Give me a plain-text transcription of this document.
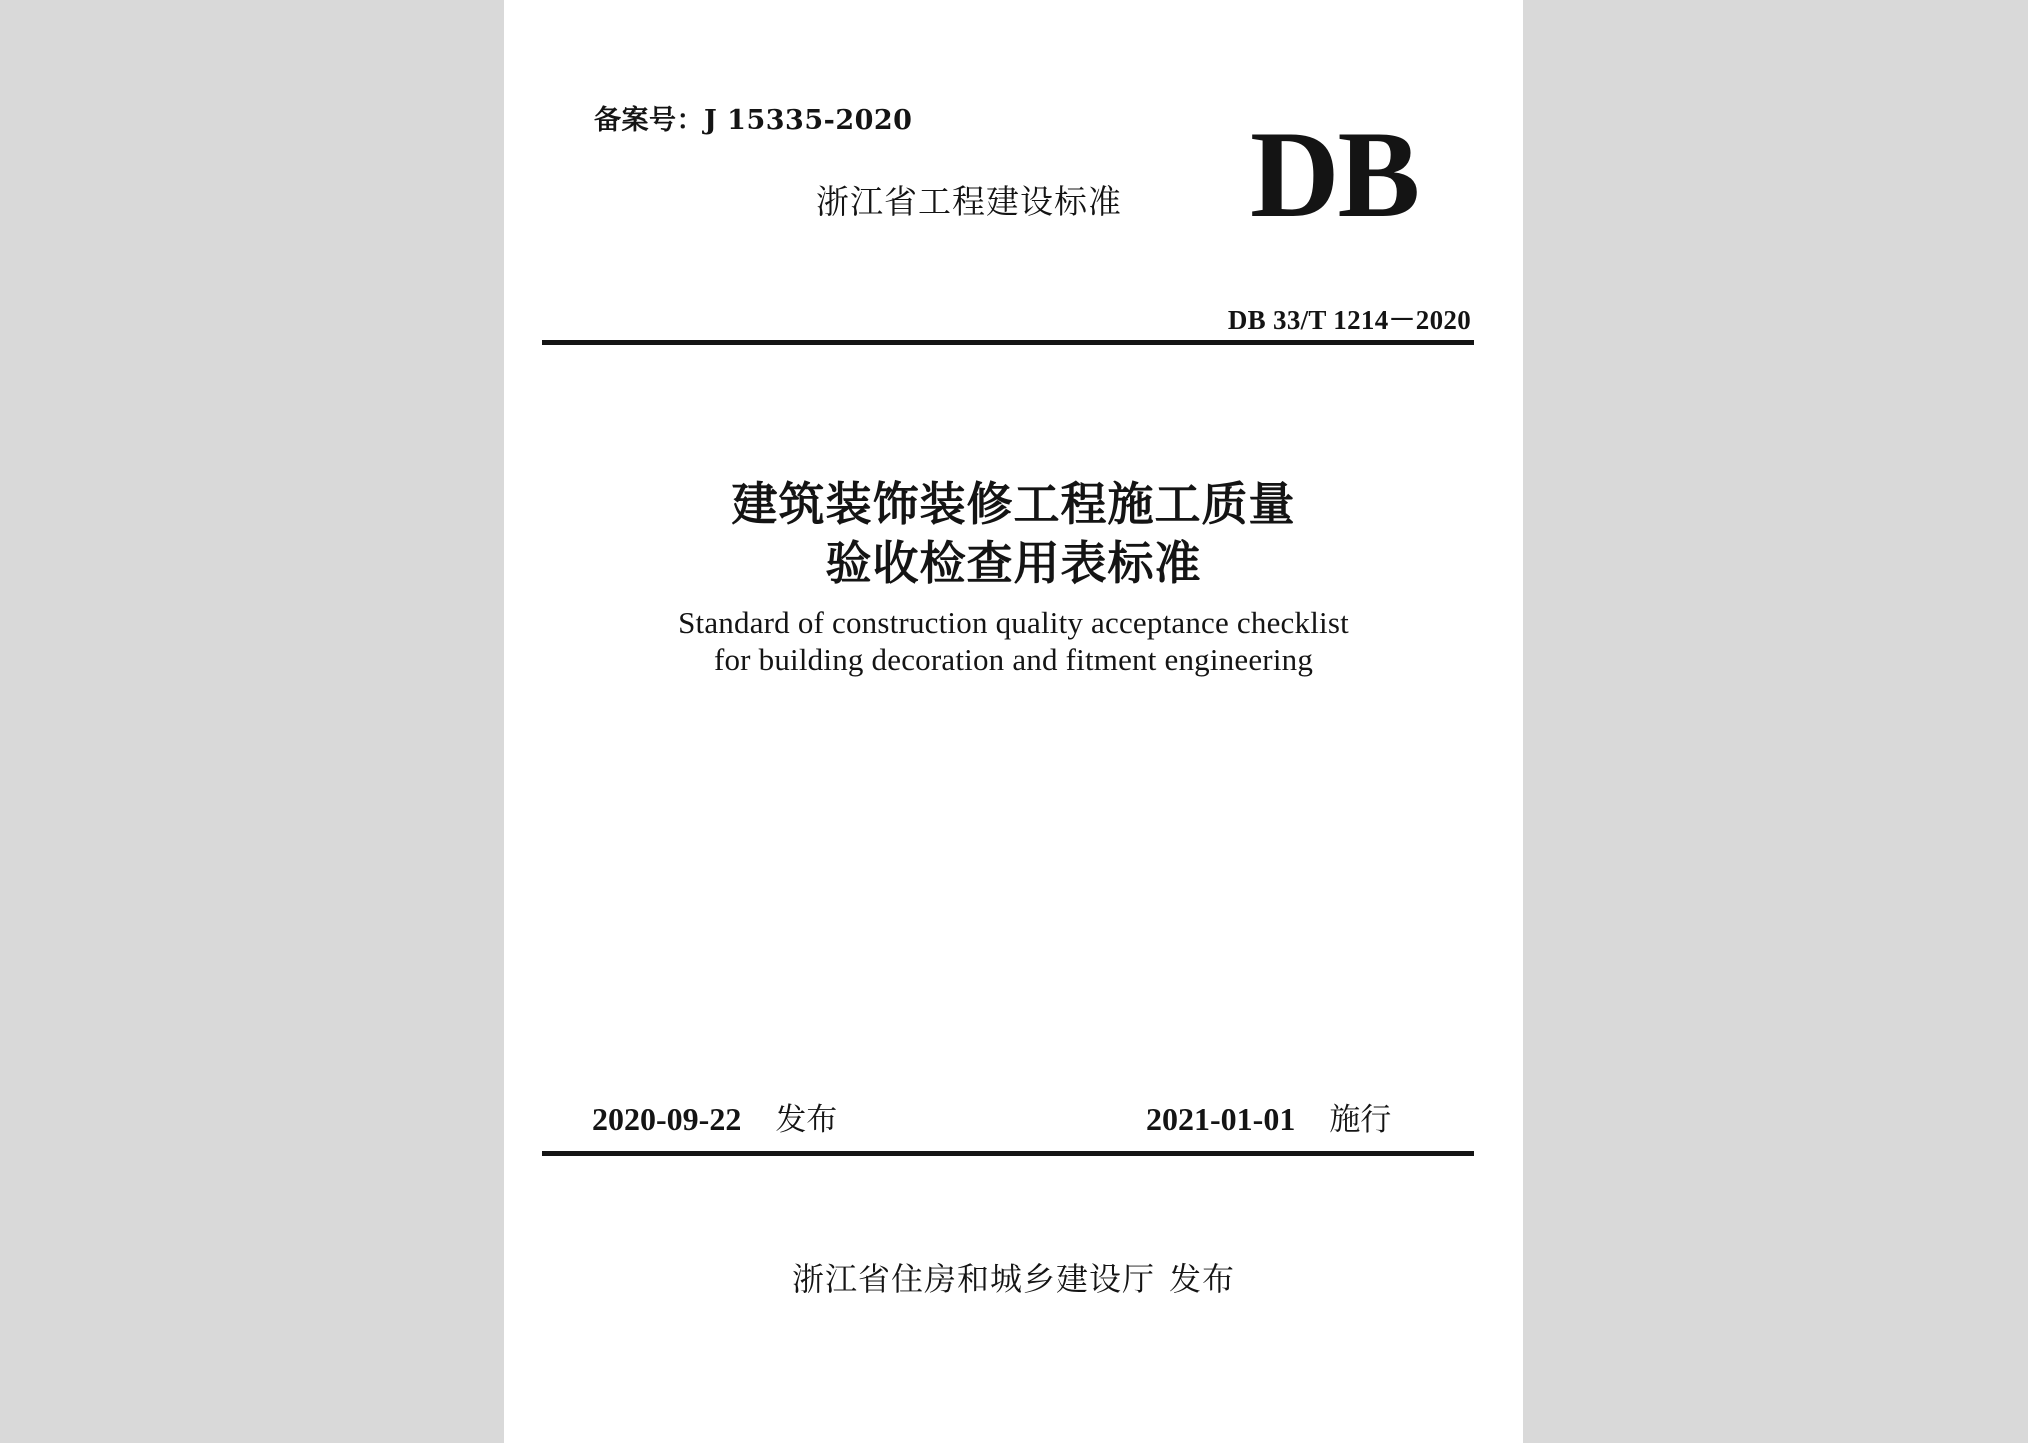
备案号：J 15335-2020
浙江省工程建设标准 DB
DB 33/T 1214－2020
建筑装饰装修工程施工质量
验收检查用表标准
Standard of construction quality acceptance checklist
for building decoration and fitment engineering
2020-09-22 发布	2021-01-01 施行
浙江省住房和城乡建设厅 发布
